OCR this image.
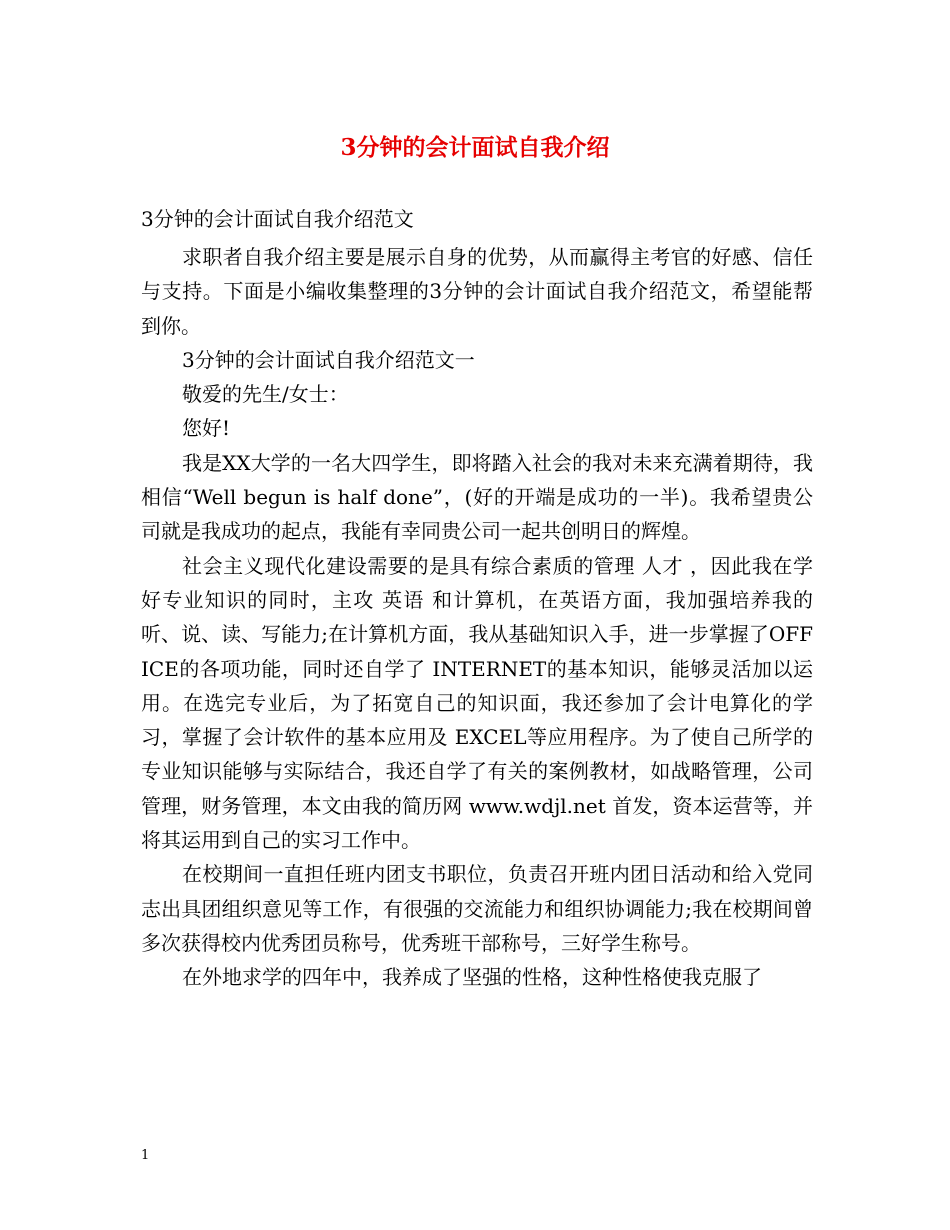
3分钟的会计面试自我介绍

3分钟的会计面试自我介绍范文

求职者自我介绍主要是展示自身的优势，从而赢得主考官的好感、信任与支持。下面是小编收集整理的3分钟的会计面试自我介绍范文，希望能帮到你。

3分钟的会计面试自我介绍范文一

敬爱的先生/女士：

您好!

我是XX大学的一名大四学生，即将踏入社会的我对未来充满着期待，我相信“Well begun is half done”，(好的开端是成功的一半)。我希望贵公司就是我成功的起点，我能有幸同贵公司一起共创明日的辉煌。

社会主义现代化建设需要的是具有综合素质的管理 人才 ，因此我在学好专业知识的同时，主攻 英语 和计算机，在英语方面，我加强培养我的听、说、读、写能力;在计算机方面，我从基础知识入手，进一步掌握了OFFICE的各项功能，同时还自学了 INTERNET的基本知识，能够灵活加以运用。在选完专业后，为了拓宽自己的知识面，我还参加了会计电算化的学习，掌握了会计软件的基本应用及 EXCEL等应用程序。为了使自己所学的专业知识能够与实际结合，我还自学了有关的案例教材，如战略管理，公司管理，财务管理，本文由我的简历网 www.wdjl.net 首发，资本运营等，并将其运用到自己的实习工作中。

在校期间一直担任班内团支书职位，负责召开班内团日活动和给入党同志出具团组织意见等工作，有很强的交流能力和组织协调能力;我在校期间曾多次获得校内优秀团员称号，优秀班干部称号，三好学生称号。

在外地求学的四年中，我养成了坚强的性格，这种性格使我克服了

1
